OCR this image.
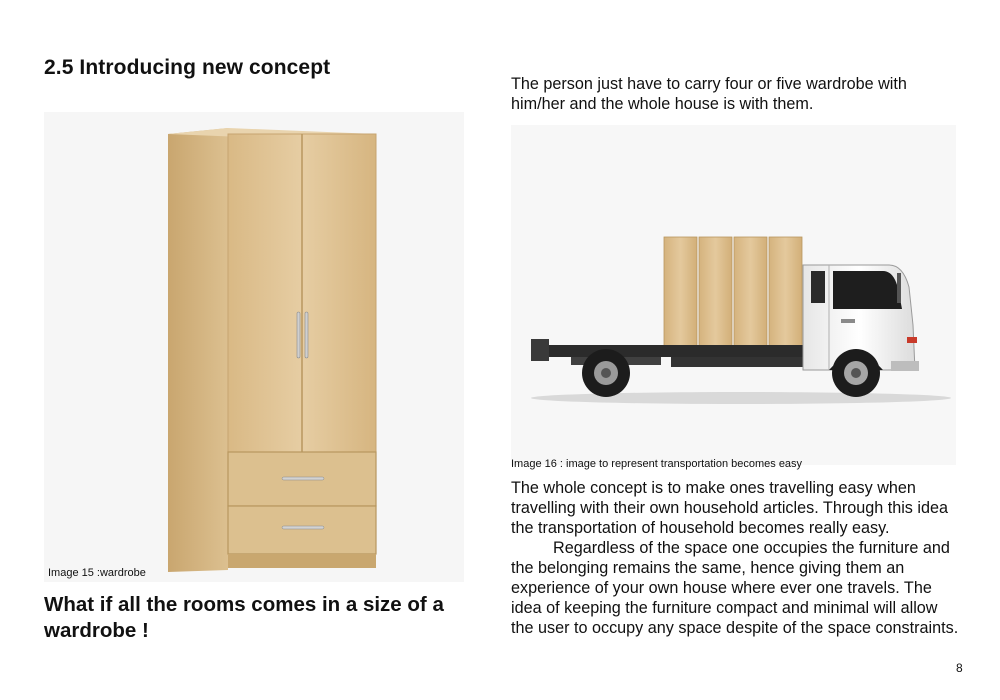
2.5 Introducing new concept

The person just have to carry four or five wardrobe with him/her and the whole house is with them.

Image 15 :wardrobe
What if all the rooms comes in a size of a wardrobe !
Image 16 : image to represent transportation becomes easy

The whole concept is to make ones travelling easy when travelling with their own household articles. Through this idea the transportation of household becomes really easy.

Regardless of the space one occupies the furniture and the belonging remains the same, hence giving them an experience of your own house where ever one travels. The idea of keeping the furniture compact and minimal will allow the user to occupy any space despite of the space constraints.

8
